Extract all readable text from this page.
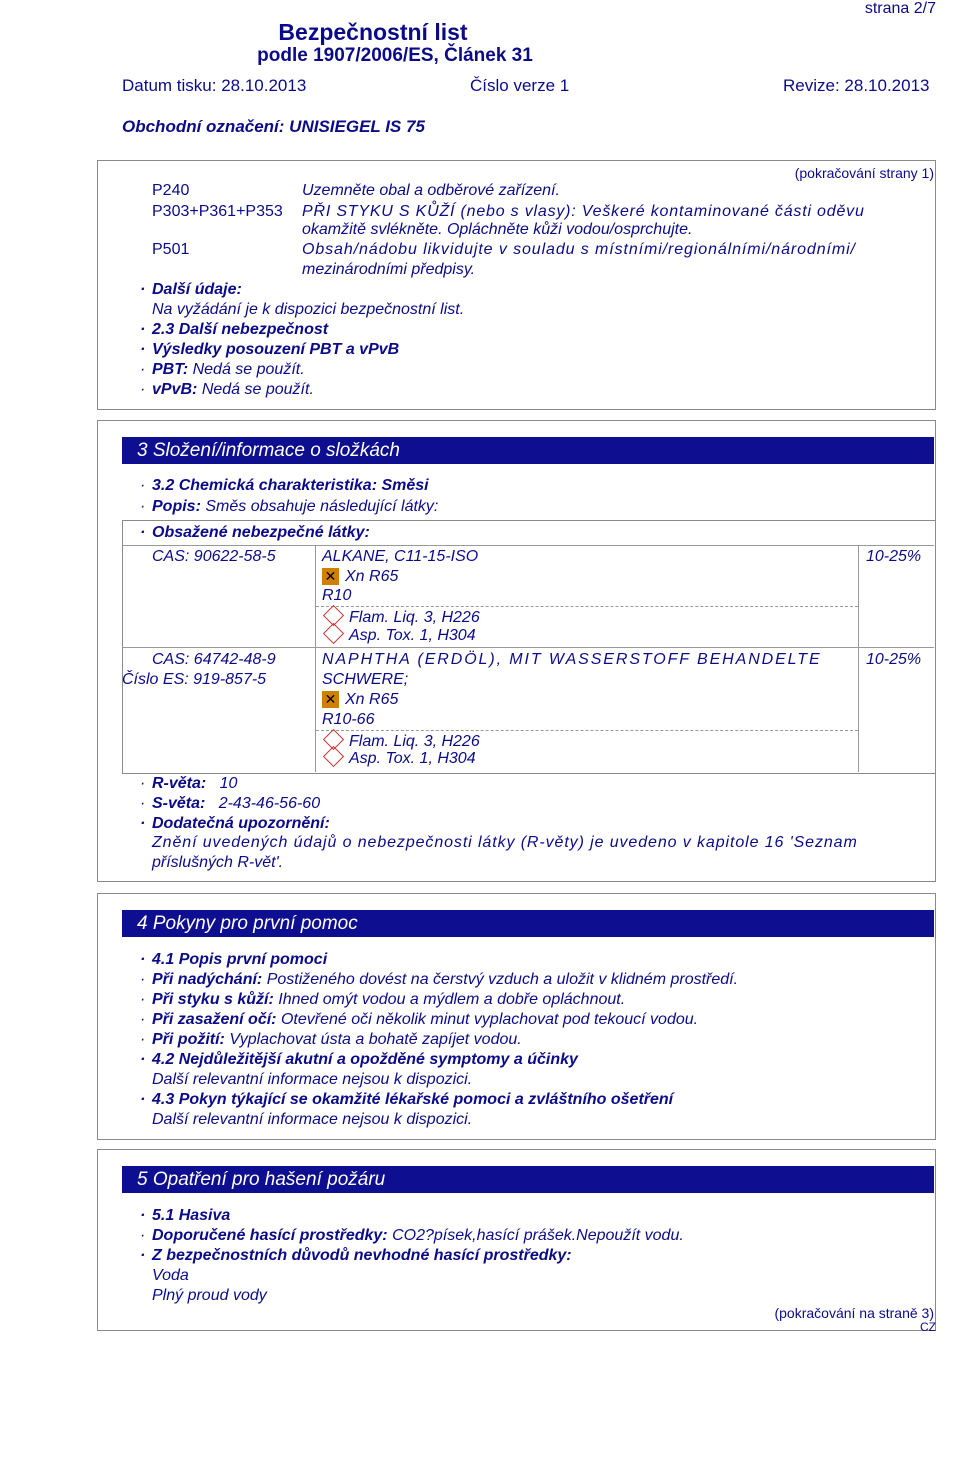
strana 2/7
Bezpečnostní list
podle 1907/2006/ES, Článek 31
Datum tisku: 28.10.2013	Číslo verze 1	Revize: 28.10.2013
Obchodní označení: UNISIEGEL IS 75
(pokračování strany 1)
P240	Uzemněte obal a odběrové zařízení.
P303+P361+P353 PŘI STYKU S KŮŽÍ (nebo s vlasy): Veškeré kontaminované části oděvu
okamžitě svlékněte. Opláchněte kůži vodou/osprchujte.
P501	Obsah/nádobu likvidujte v souladu s místními/regionálními/národními/
mezinárodními předpisy.
· Další údaje:
Na vyžádání je k dispozici bezpečnostní list.
· 2.3 Další nebezpečnost
· Výsledky posouzení PBT a vPvB
· PBT: Nedá se použít.
· vPvB: Nedá se použít.
3 Složení/informace o složkách
· 3.2 Chemická charakteristika: Směsi
· Popis: Směs obsahuje následující látky:
· Obsažené nebezpečné látky:
CAS: 90622-58-5	ALKANE, C11-15-ISO	10-25%
✕ Xn R65
R10
Flam. Liq. 3, H226
Asp. Tox. 1, H304
CAS: 64742-48-9
Číslo ES: 919-857-5
NAPHTHA (ERDÖL), MIT WASSERSTOFF BEHANDELTE
SCHWERE;
10-25%
✕ Xn R65
R10-66
Flam. Liq. 3, H226
Asp. Tox. 1, H304
· R-věta: 10
· S-věta: 2-43-46-56-60
· Dodatečná upozornění:
Znění uvedených údajů o nebezpečnosti látky (R-věty) je uvedeno v kapitole 16 'Seznam
příslušných R-vět'.
4 Pokyny pro první pomoc
· 4.1 Popis první pomoci
· Při nadýchání: Postiženého dovést na čerstvý vzduch a uložit v klidném prostředí.
· Při styku s kůží: Ihned omýt vodou a mýdlem a dobře opláchnout.
· Při zasažení očí: Otevřené oči několik minut vyplachovat pod tekoucí vodou.
· Při požití: Vyplachovat ústa a bohatě zapíjet vodou.
· 4.2 Nejdůležitější akutní a opožděné symptomy a účinky
Další relevantní informace nejsou k dispozici.
· 4.3 Pokyn týkající se okamžité lékařské pomoci a zvláštního ošetření
Další relevantní informace nejsou k dispozici.
5 Opatření pro hašení požáru
· 5.1 Hasiva
· Doporučené hasící prostředky: CO2?písek,hasící prášek.Nepoužít vodu.
· Z bezpečnostních důvodů nevhodné hasící prostředky:
Voda
Plný proud vody
(pokračování na straně 3)
CZ
